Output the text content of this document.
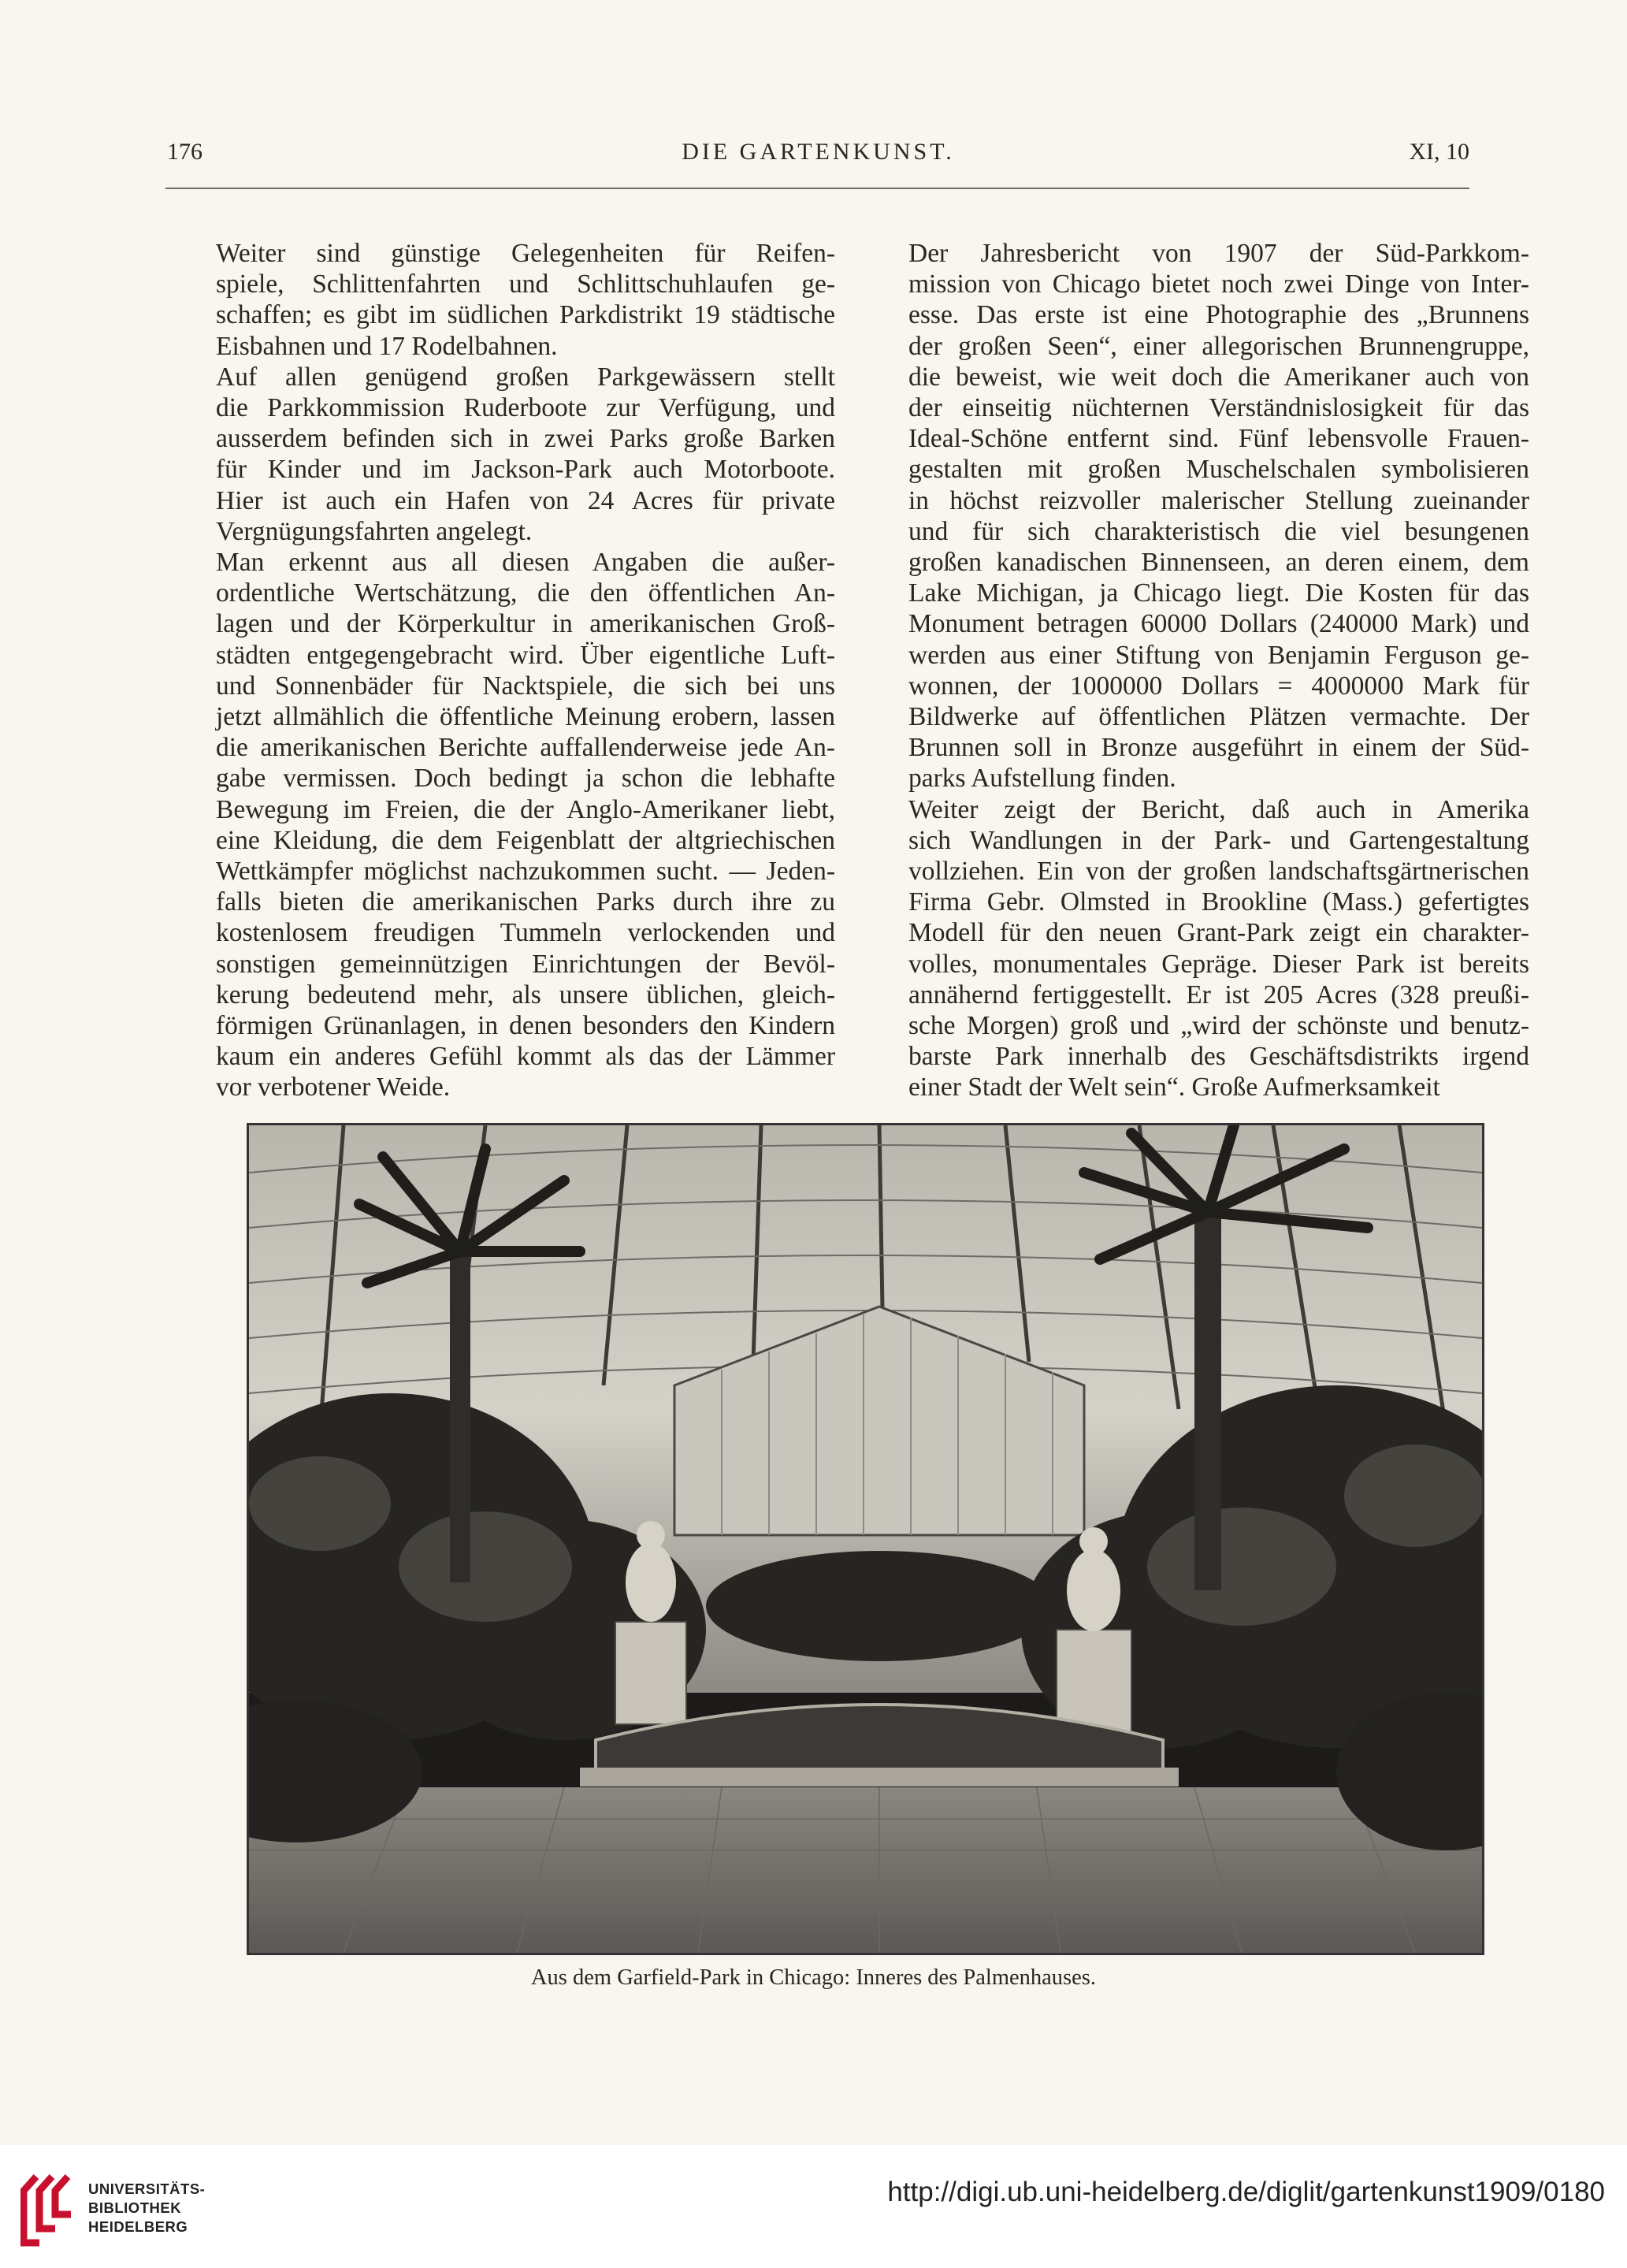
176	DIE GARTENKUNST.	XI, 10
Weiter sind günstige Gelegenheiten für Reifen-
spiele, Schlittenfahrten und Schlittschuhlaufen ge-
schaffen; es gibt im südlichen Parkdistrikt 19 städtische
Eisbahnen und 17 Rodelbahnen.
Auf allen genügend großen Parkgewässern stellt
die Parkkommission Ruderboote zur Verfügung, und
ausserdem befinden sich in zwei Parks große Barken
für Kinder und im Jackson-Park auch Motorboote.
Hier ist auch ein Hafen von 24 Acres für private
Vergnügungsfahrten angelegt.
Man erkennt aus all diesen Angaben die außer-
ordentliche Wertschätzung, die den öffentlichen An-
lagen und der Körperkultur in amerikanischen Groß-
städten entgegengebracht wird. Über eigentliche Luft-
und Sonnenbäder für Nacktspiele, die sich bei uns
jetzt allmählich die öffentliche Meinung erobern, lassen
die amerikanischen Berichte auffallenderweise jede An-
gabe vermissen. Doch bedingt ja schon die lebhafte
Bewegung im Freien, die der Anglo-Amerikaner liebt,
eine Kleidung, die dem Feigenblatt der altgriechischen
Wettkämpfer möglichst nachzukommen sucht. — Jeden-
falls bieten die amerikanischen Parks durch ihre zu
kostenlosem freudigen Tummeln verlockenden und
sonstigen gemeinnützigen Einrichtungen der Bevöl-
kerung bedeutend mehr, als unsere üblichen, gleich-
förmigen Grünanlagen, in denen besonders den Kindern
kaum ein anderes Gefühl kommt als das der Lämmer
vor verbotener Weide.
Der Jahresbericht von 1907 der Süd-Parkkom-
mission von Chicago bietet noch zwei Dinge von Inter-
esse. Das erste ist eine Photographie des „Brunnens
der großen Seen“, einer allegorischen Brunnengruppe,
die beweist, wie weit doch die Amerikaner auch von
der einseitig nüchternen Verständnislosigkeit für das
Ideal-Schöne entfernt sind. Fünf lebensvolle Frauen-
gestalten mit großen Muschelschalen symbolisieren
in höchst reizvoller malerischer Stellung zueinander
und für sich charakteristisch die viel besungenen
großen kanadischen Binnenseen, an deren einem, dem
Lake Michigan, ja Chicago liegt. Die Kosten für das
Monument betragen 60000 Dollars (240000 Mark) und
werden aus einer Stiftung von Benjamin Ferguson ge-
wonnen, der 1000000 Dollars = 4000000 Mark für
Bildwerke auf öffentlichen Plätzen vermachte. Der
Brunnen soll in Bronze ausgeführt in einem der Süd-
parks Aufstellung finden.
Weiter zeigt der Bericht, daß auch in Amerika
sich Wandlungen in der Park- und Gartengestaltung
vollziehen. Ein von der großen landschaftsgärtnerischen
Firma Gebr. Olmsted in Brookline (Mass.) gefertigtes
Modell für den neuen Grant-Park zeigt ein charakter-
volles, monumentales Gepräge. Dieser Park ist bereits
annähernd fertiggestellt. Er ist 205 Acres (328 preußi-
sche Morgen) groß und „wird der schönste und benutz-
barste Park innerhalb des Geschäftsdistrikts irgend
einer Stadt der Welt sein“. Große Aufmerksamkeit
Aus dem Garfield-Park in Chicago: Inneres des Palmenhauses.
UNIVERSITÄTS-
BIBLIOTHEK
HEIDELBERG
http://digi.ub.uni-heidelberg.de/diglit/gartenkunst1909/0180
